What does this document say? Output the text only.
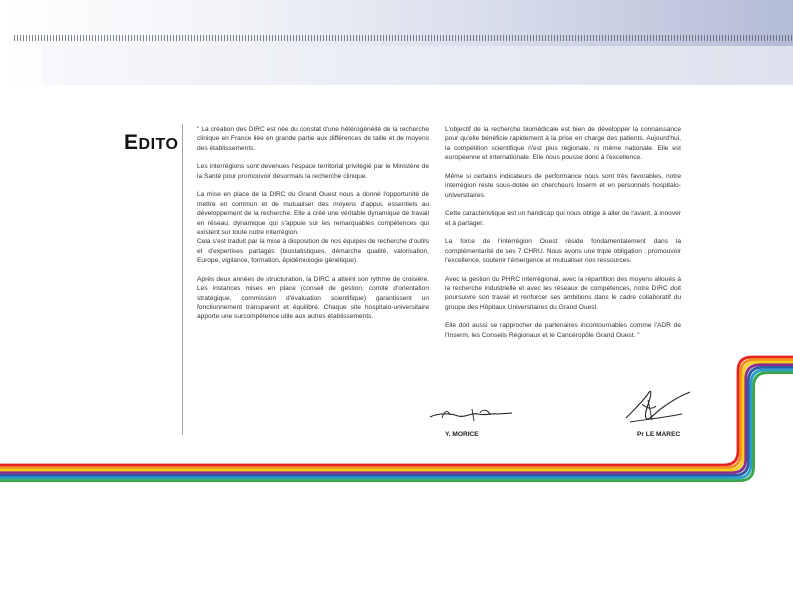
EDITO

" La création des DIRC est née du constat d'une hétérogénéité de la recherche clinique en France liée en grande partie aux différences de taille et de moyens des établissements.

Les interrégions sont devenues l'espace territorial privilégié par le Ministère de la Santé pour promouvoir désormais la recherche clinique.

La mise en place de la DIRC du Grand Ouest nous a donné l'opportunité de mettre en commun et de mutualiser des moyens d'appui, essentiels au développement de la recherche. Elle a créé une véritable dynamique de travail en réseau, dynamique qui s'appuie sur les remarquables compétences qui existent sur toute notre interrégion.

Cela s'est traduit par la mise à disposition de nos équipes de recherche d'outils et d'expertises partagés (biostatistiques, démarche qualité, valorisation, Europe, vigilance, formation, épidémiologie génétique).

Après deux années de structuration, la DIRC a atteint son rythme de croisière. Les instances mises en place (conseil de gestion, comité d'orientation stratégique, commission d'évaluation scientifique) garantissent un fonctionnement transparent et équilibré. Chaque site hospitalo-universitaire apporte une surcompétence utile aux autres établissements.

L'objectif de la recherche biomédicale est bien de développer la connaissance pour qu'elle bénéficie rapidement à la prise en charge des patients. Aujourd'hui, la compétition scientifique n'est plus régionale, ni même nationale. Elle est européenne et internationale. Elle nous pousse donc à l'excellence.

Même si certains indicateurs de performance nous sont très favorables, notre interrégion reste sous-dotée en chercheurs Inserm et en personnels hospitalo-universitaires.

Cette caractéristique est un handicap qui nous oblige à aller de l'avant, à innover et à partager.

La force de l'interrégion Ouest réside fondamentalement dans la complémentarité de ses 7 CHRU. Nous avons une triple obligation : promouvoir l'excellence, soutenir l'émergence et mutualiser nos ressources.

Avec la gestion du PHRC interrégional, avec la répartition des moyens alloués à la recherche industrielle et avec les réseaux de compétences, notre DIRC doit poursuivre son travail et renforcer ses ambitions dans le cadre collaboratif du groupe des Hôpitaux Universitaires du Grand Ouest.

Elle doit aussi se rapprocher de partenaires incontournables comme l'ADR de l'Inserm, les Conseils Régionaux et le Cancéropôle Grand Ouest. "

Y. MORICE	Pr LE MAREC
